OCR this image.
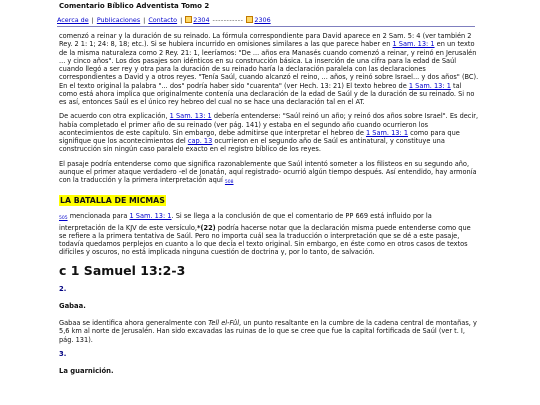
Comentario Bíblico Adventista Tomo 2
Acerca de | Publicaciones | Contacto |	2304 -----------	2306

comenzó a reinar y la duración de su reinado. La fórmula correspondiente para David aparece en 2 Sam. 5: 4 (ver también 2 Rey. 2 1: 1; 24: 8, 18; etc.). Si se hubiera incurrido en omisiones similares a las que parece haber en 1 Sam. 13: 1 en un texto de la misma naturaleza como 2 Rey. 21: 1, leeríamos: "De ... años era Manasés cuando comenzó a reinar, y reinó en Jerusalén ... y cinco años". Los dos pasajes son idénticos en su construcción básica. La inserción de una cifra para la edad de Saúl cuando llegó a ser rey y otra para la duración de su reinado haría la declaración paralela con las declaraciones correspondientes a David y a otros reyes. "Tenía Saúl, cuando alcanzó el reino, ... años, y reinó sobre Israel... y dos años" (BC). En el texto original la palabra "... dos" podría haber sido "cuarenta" (ver Hech. 13: 21) El texto hebreo de 1 Sam. 13: 1 tal como está ahora implica que originalmente contenía una declaración de la edad de Saúl y de la duración de su reinado. Si no es así, entonces Saúl es el único rey hebreo del cual no se hace una declaración tal en el AT.

De acuerdo con otra explicación, 1 Sam. 13: 1 debería entenderse: "Saúl reinó un año; y reinó dos años sobre Israel". Es decir, había completado el primer año de su reinado (ver pág. 141) y estaba en el segundo año cuando ocurrieron los acontecimientos de este capítulo. Sin embargo, debe admitirse que interpretar el hebreo de 1 Sam. 13: 1 como para que signifique que los acontecimientos del cap. 13 ocurrieron en el segundo año de Saúl es antinatural, y constituye una construcción sin ningún caso paralelo exacto en el registro bíblico de los reyes.

El pasaje podría entenderse como que significa razonablemente que Saúl intentó someter a los filisteos en su segundo año, aunque el primer ataque verdadero -el de Jonatán, aquí registrado- ocurrió algún tiempo después. Así entendido, hay armonía con la traducción y la primera interpretación aquí $_{508}$

LA BATALLA DE MICMAS

$_{505}$ mencionada para 1 Sam. 13: 1. Si se llega a la conclusión de que el comentario de PP 669 está influido por la interpretación de la KJV de este versículo,*(22) podría hacerse notar que la declaración misma puede entenderse como que se refiere a la primera tentativa de Saúl. Pero no importa cuál sea la traducción o interpretación que se dé a este pasaje, todavía quedamos perplejos en cuanto a lo que decía el texto original. Sin embargo, en éste como en otros casos de textos difíciles y oscuros, no está implicada ninguna cuestión de doctrina y, por lo tanto, de salvación.

c 1 Samuel 13:2-3
2.
Gabaa.

Gabaa se identifica ahora generalmente con Tell el-Fûl, un punto resaltante en la cumbre de la cadena central de montañas, y 5,6 km al norte de Jerusalén. Han sido excavadas las ruinas de lo que se cree que fue la capital fortificada de Saúl (ver t. I, pág. 131).

3.
La guarnición.
